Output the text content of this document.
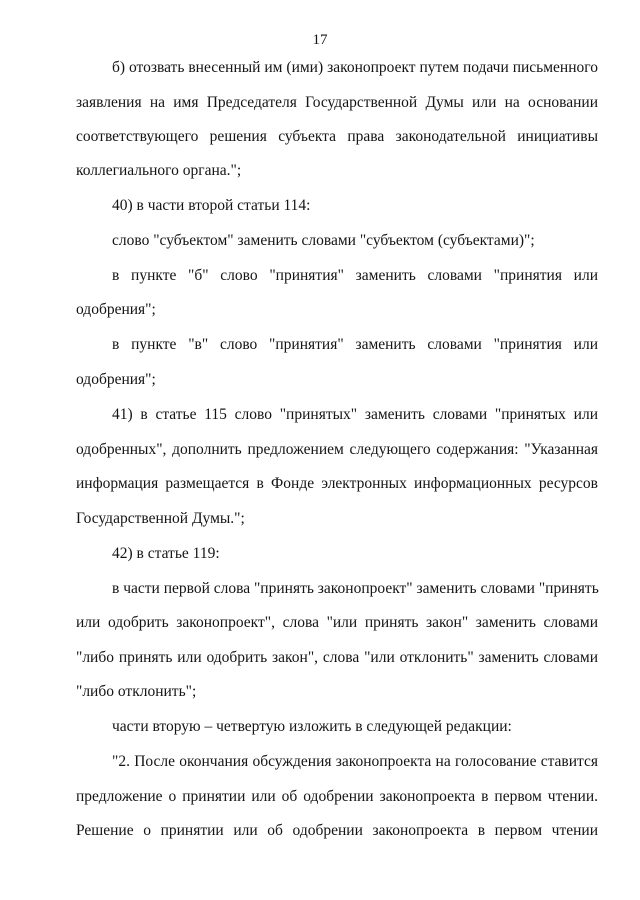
17
б) отозвать внесенный им (ими) законопроект путем подачи письменного
заявления на имя Председателя Государственной Думы или на основании
соответствующего решения субъекта права законодательной инициативы
коллегиального органа.";
40) в части второй статьи 114:
слово "субъектом" заменить словами "субъектом (субъектами)";
в пункте "б" слово "принятия" заменить словами "принятия или
одобрения";
в пункте "в" слово "принятия" заменить словами "принятия или
одобрения";
41) в статье 115 слово "принятых" заменить словами "принятых или
одобренных", дополнить предложением следующего содержания: "Указанная
информация размещается в Фонде электронных информационных ресурсов
Государственной Думы.";
42) в статье 119:
в части первой слова "принять законопроект" заменить словами "принять
или одобрить законопроект", слова "или принять закон" заменить словами
"либо принять или одобрить закон", слова "или отклонить" заменить словами
"либо отклонить";
части вторую – четвертую изложить в следующей редакции:
"2. После окончания обсуждения законопроекта на голосование ставится
предложение о принятии или об одобрении законопроекта в первом чтении.
Решение о принятии или об одобрении законопроекта в первом чтении
